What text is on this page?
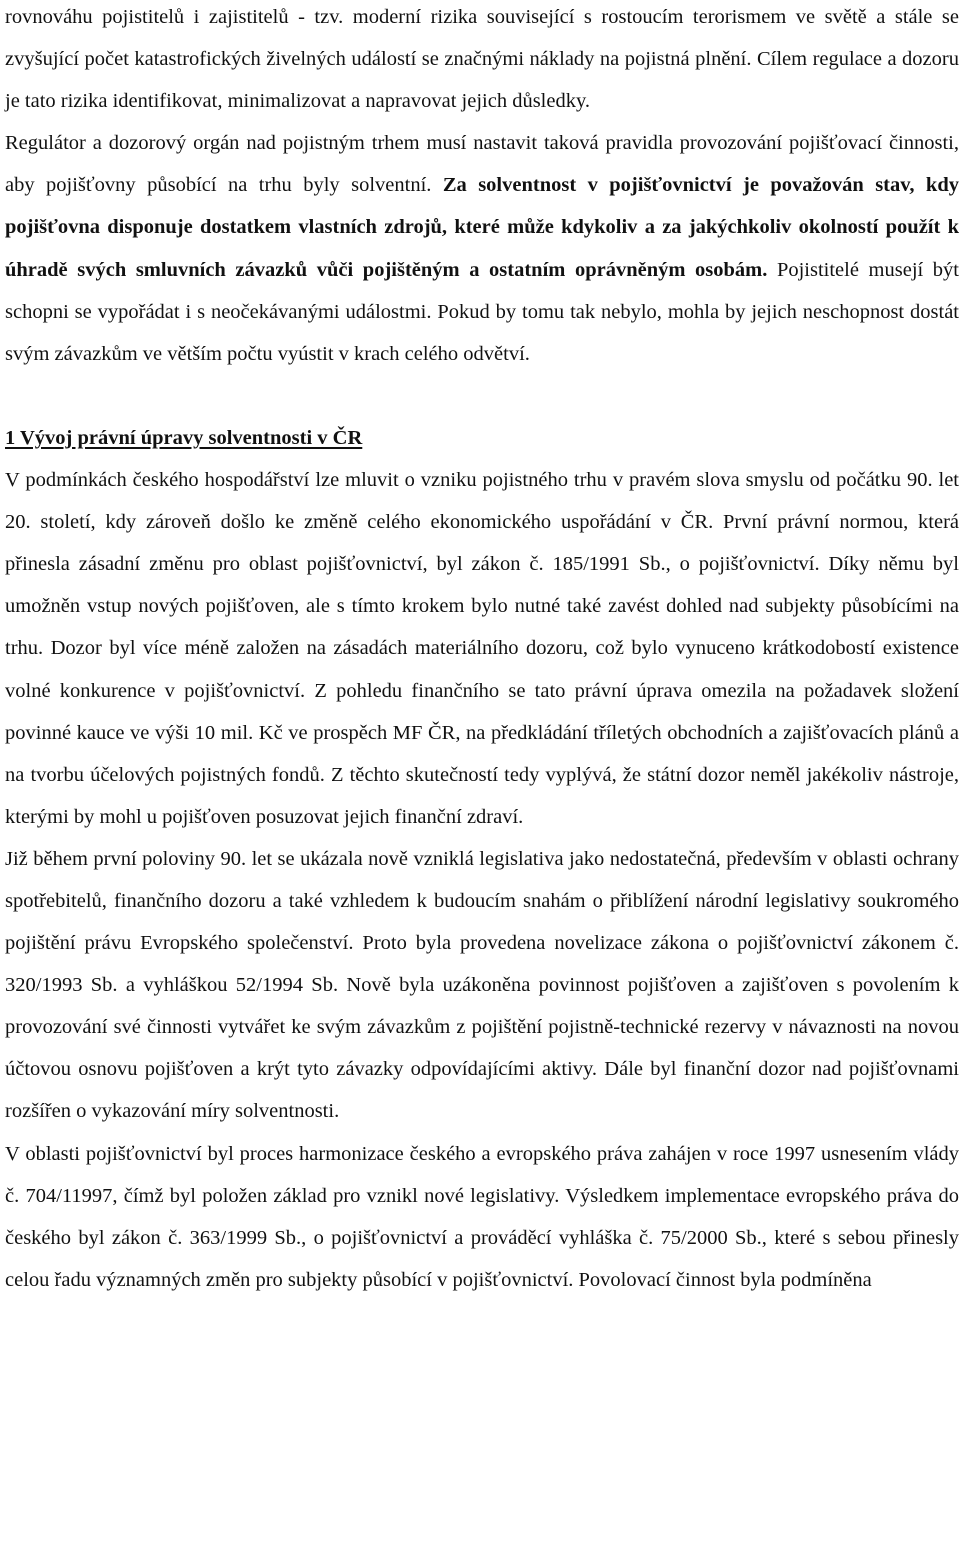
rovnováhu pojistitelů i zajistitelů - tzv. moderní rizika související s rostoucím terorismem ve světě a stále se zvyšující počet katastrofických živelných událostí se značnými náklady na pojistná plnění. Cílem regulace a dozoru je tato rizika identifikovat, minimalizovat a napravovat jejich důsledky.

Regulátor a dozorový orgán nad pojistným trhem musí nastavit taková pravidla provozování pojišťovací činnosti, aby pojišťovny působící na trhu byly solventní. Za solventnost v pojišťovnictví je považován stav, kdy pojišťovna disponuje dostatkem vlastních zdrojů, které může kdykoliv a za jakýchkoliv okolností použít k úhradě svých smluvních závazků vůči pojištěným a ostatním oprávněným osobám. Pojistitelé musejí být schopni se vypořádat i s neočekávanými událostmi. Pokud by tomu tak nebylo, mohla by jejich neschopnost dostát svým závazkům ve větším počtu vyústit v krach celého odvětví.

1 Vývoj právní úpravy solventnosti v ČR

V podmínkách českého hospodářství lze mluvit o vzniku pojistného trhu v pravém slova smyslu od počátku 90. let 20. století, kdy zároveň došlo ke změně celého ekonomického uspořádání v ČR. První právní normou, která přinesla zásadní změnu pro oblast pojišťovnictví, byl zákon č. 185/1991 Sb., o pojišťovnictví. Díky němu byl umožněn vstup nových pojišťoven, ale s tímto krokem bylo nutné také zavést dohled nad subjekty působícími na trhu. Dozor byl více méně založen na zásadách materiálního dozoru, což bylo vynuceno krátkodobostí existence volné konkurence v pojišťovnictví. Z pohledu finančního se tato právní úprava omezila na požadavek složení povinné kauce ve výši 10 mil. Kč ve prospěch MF ČR, na předkládání tříletých obchodních a zajišťovacích plánů a na tvorbu účelových pojistných fondů. Z těchto skutečností tedy vyplývá, že státní dozor neměl jakékoliv nástroje, kterými by mohl u pojišťoven posuzovat jejich finanční zdraví.

Již během první poloviny 90. let se ukázala nově vzniklá legislativa jako nedostatečná, především v oblasti ochrany spotřebitelů, finančního dozoru a také vzhledem k budoucím snahám o přiblížení národní legislativy soukromého pojištění právu Evropského společenství. Proto byla provedena novelizace zákona o pojišťovnictví zákonem č. 320/1993 Sb. a vyhláškou 52/1994 Sb. Nově byla uzákoněna povinnost pojišťoven a zajišťoven s povolením k provozování své činnosti vytvářet ke svým závazkům z pojištění pojistně-technické rezervy v návaznosti na novou účtovou osnovu pojišťoven a krýt tyto závazky odpovídajícími aktivy. Dále byl finanční dozor nad pojišťovnami rozšířen o vykazování míry solventnosti.

V oblasti pojišťovnictví byl proces harmonizace českého a evropského práva zahájen v roce 1997 usnesením vlády č. 704/11997, čímž byl položen základ pro vznikl nové legislativy. Výsledkem implementace evropského práva do českého byl zákon č. 363/1999 Sb., o pojišťovnictví a prováděcí vyhláška č. 75/2000 Sb., které s sebou přinesly celou řadu významných změn pro subjekty působící v pojišťovnictví. Povolovací činnost byla podmíněna
